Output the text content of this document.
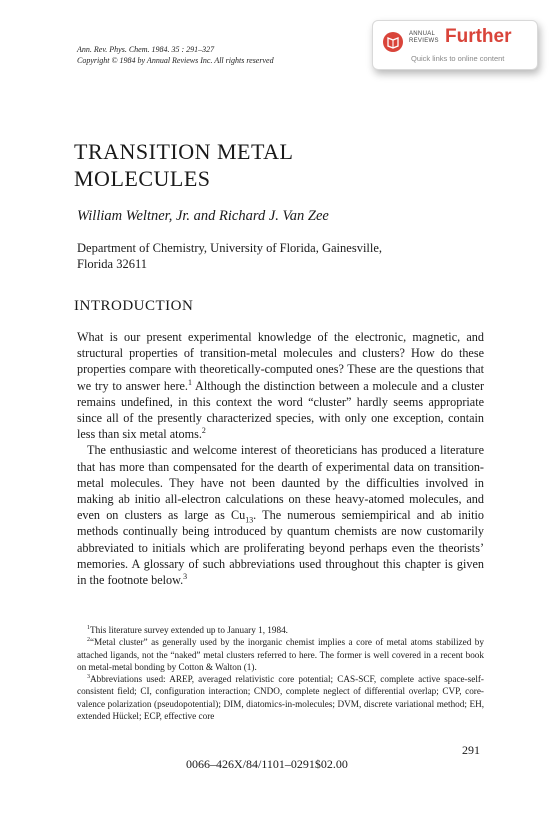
Ann. Rev. Phys. Chem. 1984. 35 : 291–327
Copyright © 1984 by Annual Reviews Inc. All rights reserved
ANNUAL
REVIEWS Further
Quick links to online content
TRANSITION METAL
MOLECULES

William Weltner, Jr. and Richard J. Van Zee

Department of Chemistry, University of Florida, Gainesville,
Florida 32611

INTRODUCTION

What is our present experimental knowledge of the electronic, magnetic, and structural properties of transition-metal molecules and clusters? How do these properties compare with theoretically-computed ones? These are the questions that we try to answer here.$^1$ Although the distinction between a molecule and a cluster remains undefined, in this context the word “cluster” hardly seems appropriate since all of the presently characterized species, with only one exception, contain less than six metal atoms.$^2$

The enthusiastic and welcome interest of theoreticians has produced a literature that has more than compensated for the dearth of experimental data on transition-metal molecules. They have not been daunted by the difficulties involved in making ab initio all-electron calculations on these heavy-atomed molecules, and even on clusters as large as $Cu_{13}$. The numerous semiempirical and ab initio methods continually being introduced by quantum chemists are now customarily abbreviated to initials which are proliferating beyond perhaps even the theorists’ memories. A glossary of such abbreviations used throughout this chapter is given in the footnote below.$^3$

$^1$This literature survey extended up to January 1, 1984.

$^2$“Metal cluster” as generally used by the inorganic chemist implies a core of metal atoms stabilized by attached ligands, not the “naked” metal clusters referred to here. The former is well covered in a recent book on metal-metal bonding by Cotton & Walton (1).

$^3$Abbreviations used: AREP, averaged relativistic core potential; CAS-SCF, complete active space-self-consistent field; CI, configuration interaction; CNDO, complete neglect of differential overlap; CVP, core-valence polarization (pseudopotential); DIM, diatomics-in-molecules; DVM, discrete variational method; EH, extended Hückel; ECP, effective core

291
0066–426X/84/1101–0291$02.00
